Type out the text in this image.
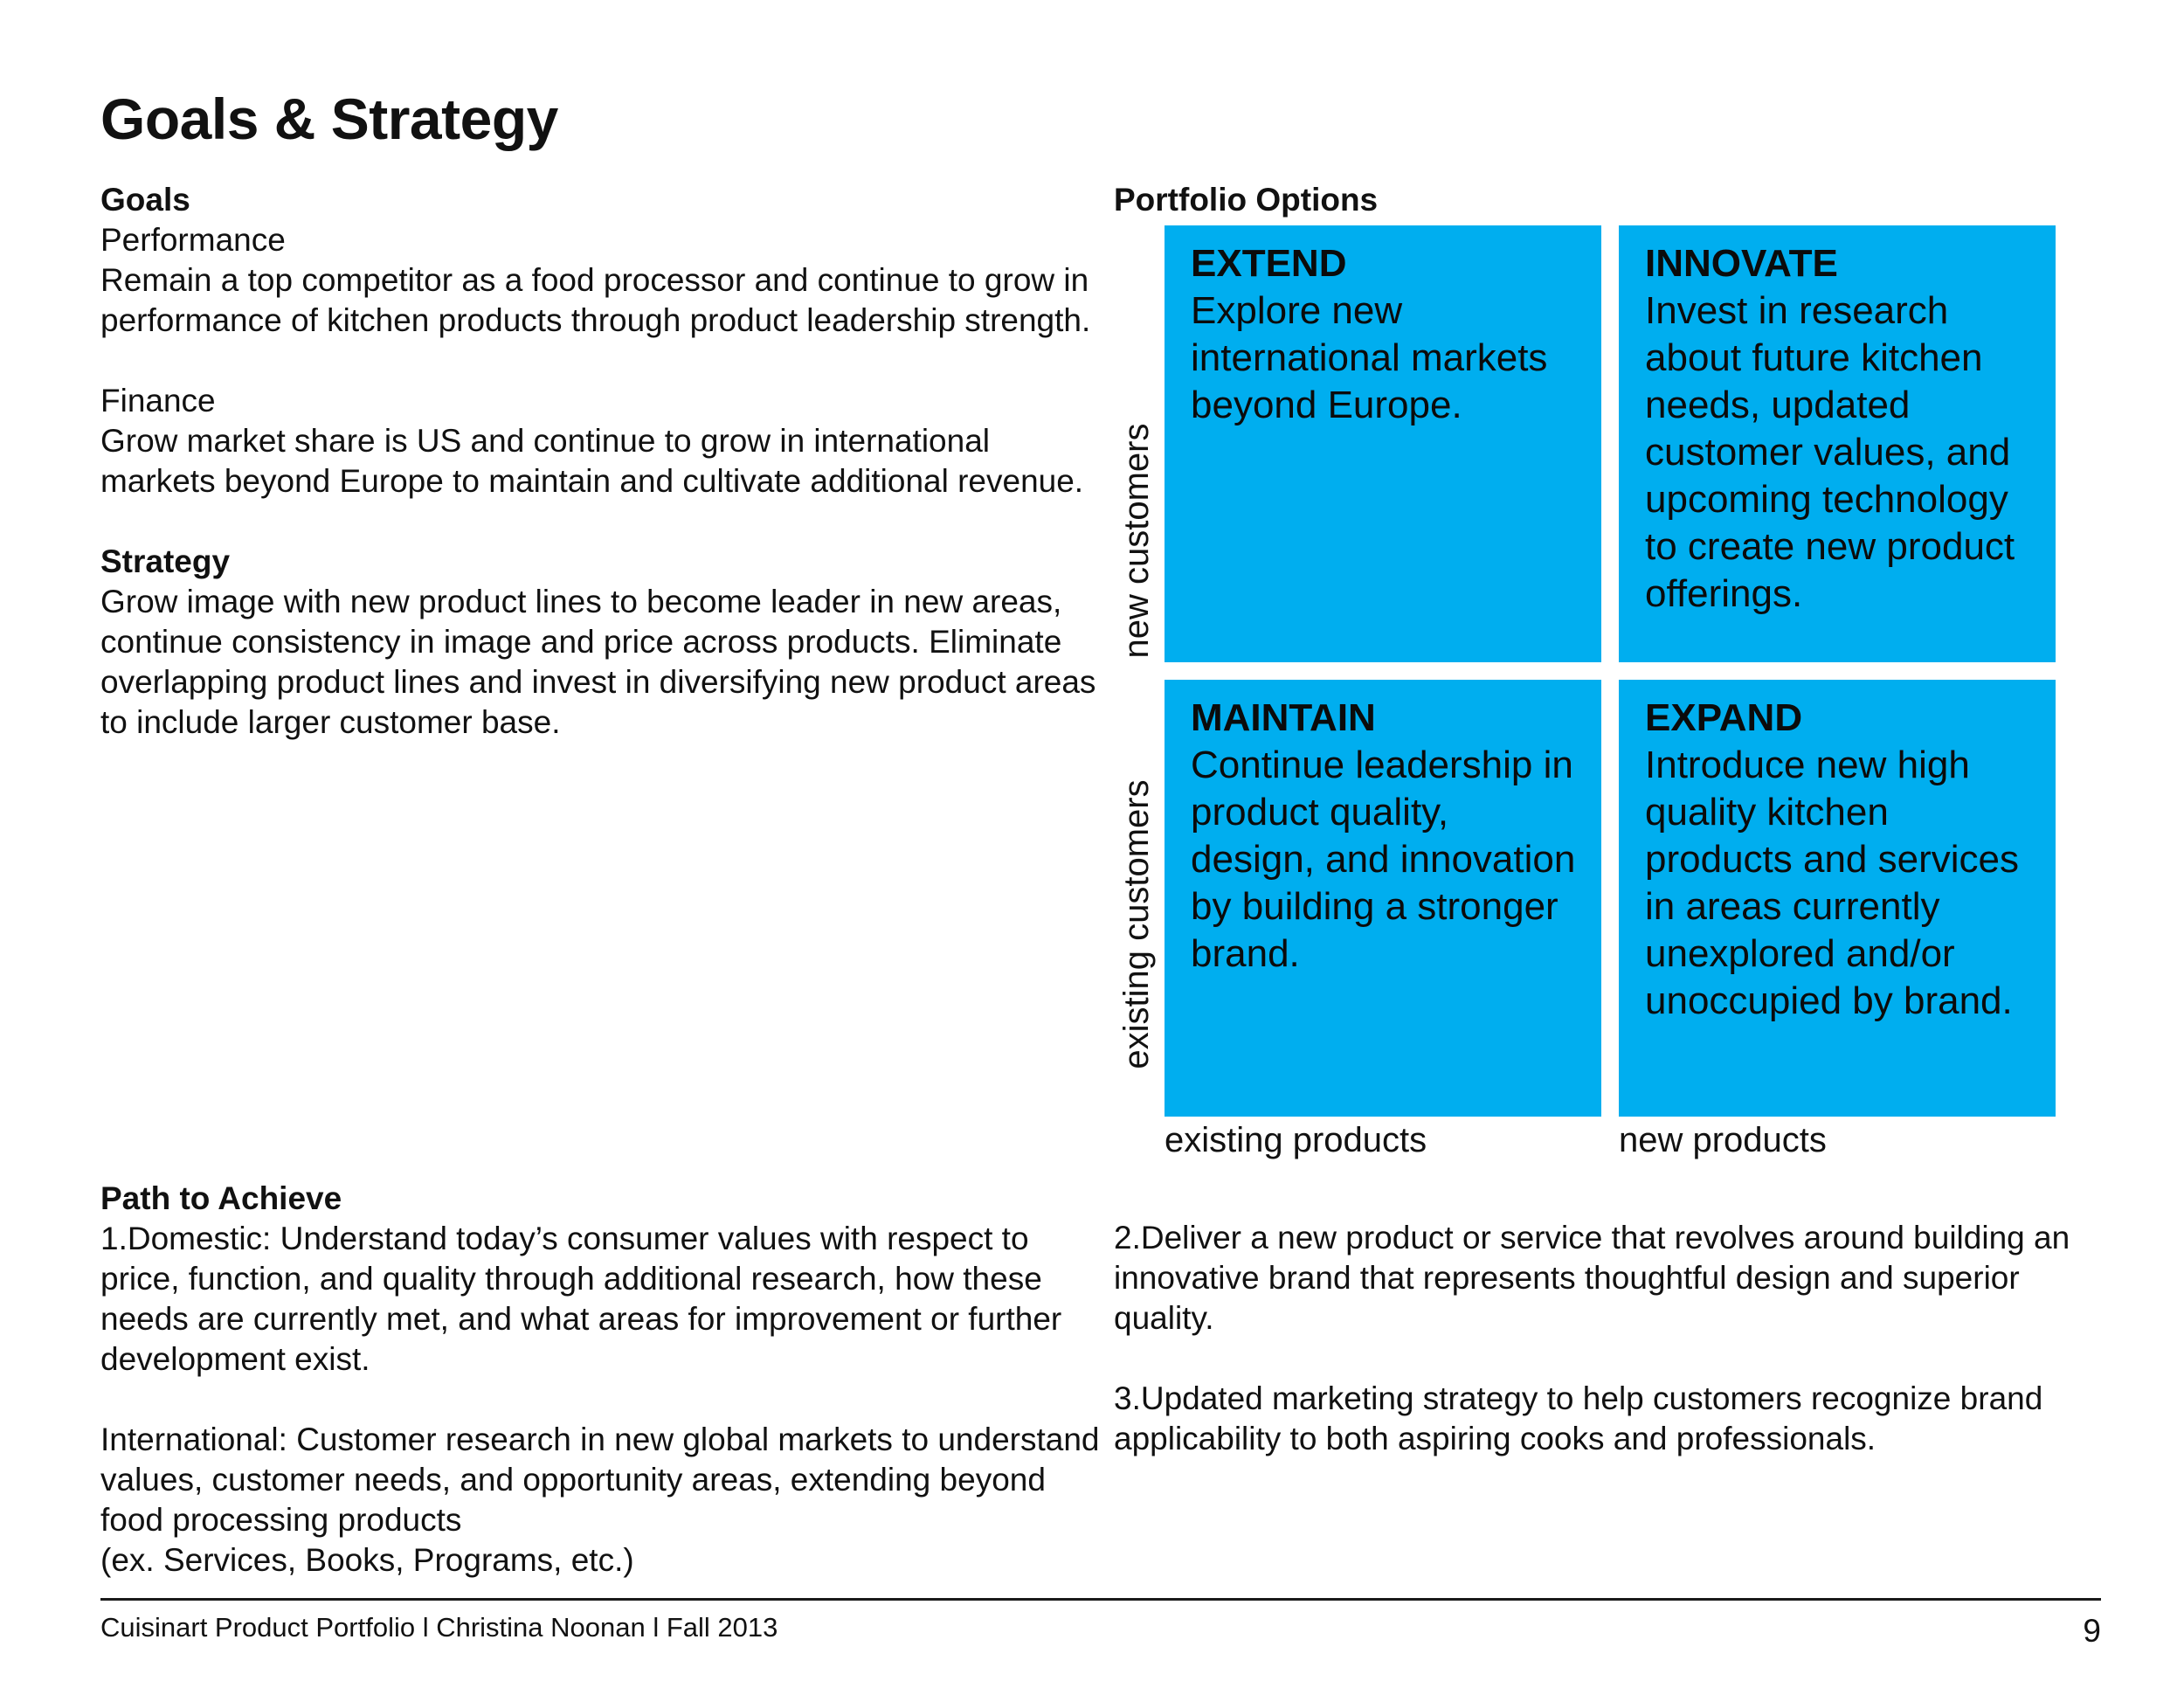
Goals & Strategy

Goals

Performance

Remain a top competitor as a food processor and continue to grow in performance of kitchen products through product leadership strength.

Finance

Grow market share is US and continue to grow in international markets beyond Europe to maintain and cultivate additional revenue.

Strategy

Grow image with new product lines to become leader in new areas, continue consistency in image and price across products. Eliminate overlapping product lines and invest in diversifying new product areas to include larger customer base.

Portfolio Options
new customers
existing customers
EXTEND
Explore new international markets beyond Europe.
INNOVATE
Invest in research about future kitchen needs, updated customer values, and upcoming technology to create new product offerings.
MAINTAIN
Continue leadership in product quality, design, and innovation by building a stronger brand.
EXPAND
Introduce new high quality kitchen products and services in areas currently unexplored and/or unoccupied by brand.
existing products	new products

Path to Achieve

1.Domestic: Understand today’s consumer values with respect to price, function, and quality through additional research, how these needs are currently met, and what areas for improvement or further development exist.

International: Customer research in new global markets to understand values, customer needs, and opportunity areas, extending beyond food processing products

(ex. Services, Books, Programs, etc.)

2.Deliver a new product or service that revolves around building an innovative brand that represents thoughtful design and superior quality.

3.Updated marketing strategy to help customers recognize brand applicability to both aspiring cooks and professionals.

Cuisinart Product Portfolio l Christina Noonan l Fall 2013	9
